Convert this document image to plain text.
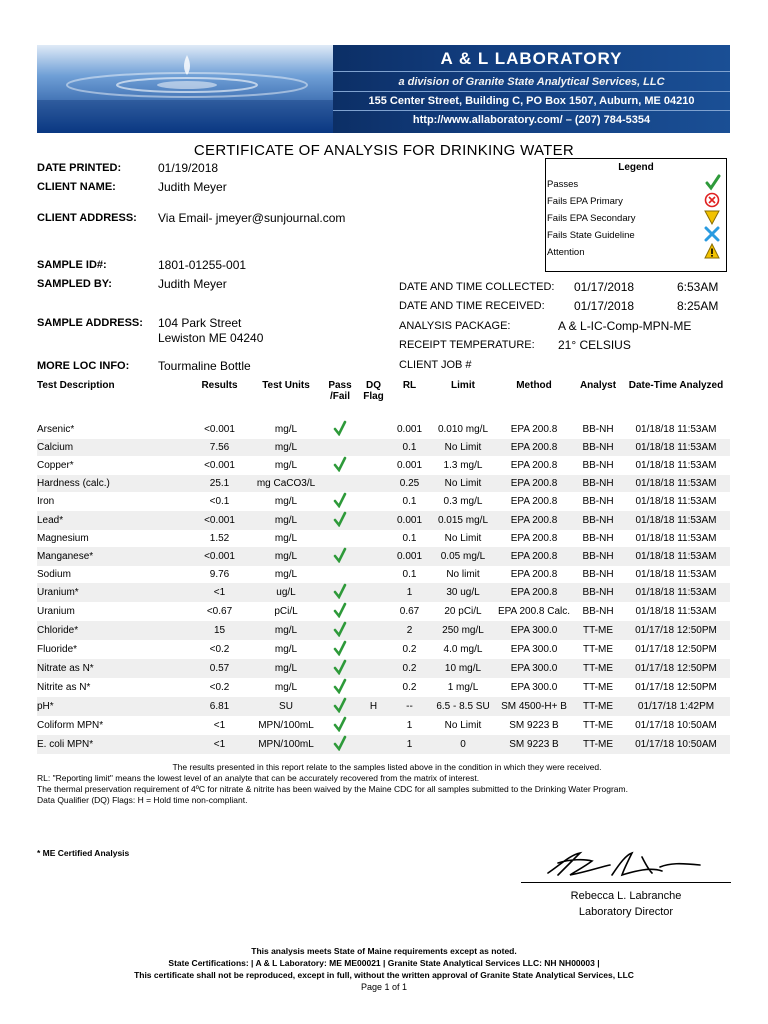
A & L LABORATORY
a division of Granite State Analytical Services, LLC
155 Center Street, Building C, PO Box 1507, Auburn, ME 04210
http://www.allaboratory.com/ – (207) 784-5354
CERTIFICATE OF ANALYSIS FOR DRINKING WATER
DATE PRINTED:	01/19/2018
CLIENT NAME:	Judith Meyer
CLIENT ADDRESS: Via Email- jmeyer@sunjournal.com
SAMPLE ID#:	1801-01255-001
SAMPLED BY:	Judith Meyer
SAMPLE ADDRESS: 104 Park Street
Lewiston ME 04240
MORE LOC INFO: Tourmaline Bottle
DATE AND TIME COLLECTED: 01/17/2018	6:53AM
DATE AND TIME RECEIVED: 01/17/2018	8:25AM
ANALYSIS PACKAGE:	A & L-IC-Comp-MPN-ME
RECEIPT TEMPERATURE: 21° CELSIUS
CLIENT JOB #
Legend
Passes
Fails EPA Primary
Fails EPA Secondary
Fails State Guideline
Attention
Test Description	Results	Test Units	Pass /Fail	DQ Flag	RL	Limit	Method	Analyst	Date-Time Analyzed
Arsenic*	<0.001	mg/L			0.001	0.010 mg/L	EPA 200.8	BB-NH	01/18/18 11:53AM
Calcium	7.56	mg/L			0.1	No Limit	EPA 200.8	BB-NH	01/18/18 11:53AM
Copper*	<0.001	mg/L			0.001	1.3 mg/L	EPA 200.8	BB-NH	01/18/18 11:53AM
Hardness (calc.)	25.1	mg CaCO3/L			0.25	No Limit	EPA 200.8	BB-NH	01/18/18 11:53AM
Iron	<0.1	mg/L			0.1	0.3 mg/L	EPA 200.8	BB-NH	01/18/18 11:53AM
Lead*	<0.001	mg/L			0.001	0.015 mg/L	EPA 200.8	BB-NH	01/18/18 11:53AM
Magnesium	1.52	mg/L			0.1	No Limit	EPA 200.8	BB-NH	01/18/18 11:53AM
Manganese*	<0.001	mg/L			0.001	0.05 mg/L	EPA 200.8	BB-NH	01/18/18 11:53AM
Sodium	9.76	mg/L			0.1	No limit	EPA 200.8	BB-NH	01/18/18 11:53AM
Uranium*	<1	ug/L			1	30 ug/L	EPA 200.8	BB-NH	01/18/18 11:53AM
Uranium	<0.67	pCi/L			0.67	20 pCi/L	EPA 200.8 Calc.	BB-NH	01/18/18 11:53AM
Chloride*	15	mg/L			2	250 mg/L	EPA 300.0	TT-ME	01/17/18 12:50PM
Fluoride*	<0.2	mg/L			0.2	4.0 mg/L	EPA 300.0	TT-ME	01/17/18 12:50PM
Nitrate as N*	0.57	mg/L			0.2	10 mg/L	EPA 300.0	TT-ME	01/17/18 12:50PM
Nitrite as N*	<0.2	mg/L			0.2	1 mg/L	EPA 300.0	TT-ME	01/17/18 12:50PM
pH*	6.81	SU		H	--	6.5 - 8.5 SU	SM 4500-H+ B	TT-ME	01/17/18 1:42PM
Coliform MPN*	<1	MPN/100mL			1	No Limit	SM 9223 B	TT-ME	01/17/18 10:50AM
E. coli MPN*	<1	MPN/100mL			1	0	SM 9223 B	TT-ME	01/17/18 10:50AM
The results presented in this report relate to the samples listed above in the condition in which they were received.
RL: "Reporting limit" means the lowest level of an analyte that can be accurately recovered from the matrix of interest.
The thermal preservation requirement of 4ºC for nitrate & nitrite has been waived by the Maine CDC for all samples submitted to the Drinking Water Program.
Data Qualifier (DQ) Flags: H = Hold time non-compliant.
* ME Certified Analysis
Rebecca L. Labranche
Laboratory Director
This analysis meets State of Maine requirements except as noted.
State Certifications: | A & L Laboratory: ME ME00021 | Granite State Analytical Services LLC: NH NH00003 |
This certificate shall not be reproduced, except in full, without the written approval of Granite State Analytical Services, LLC
Page 1 of 1
